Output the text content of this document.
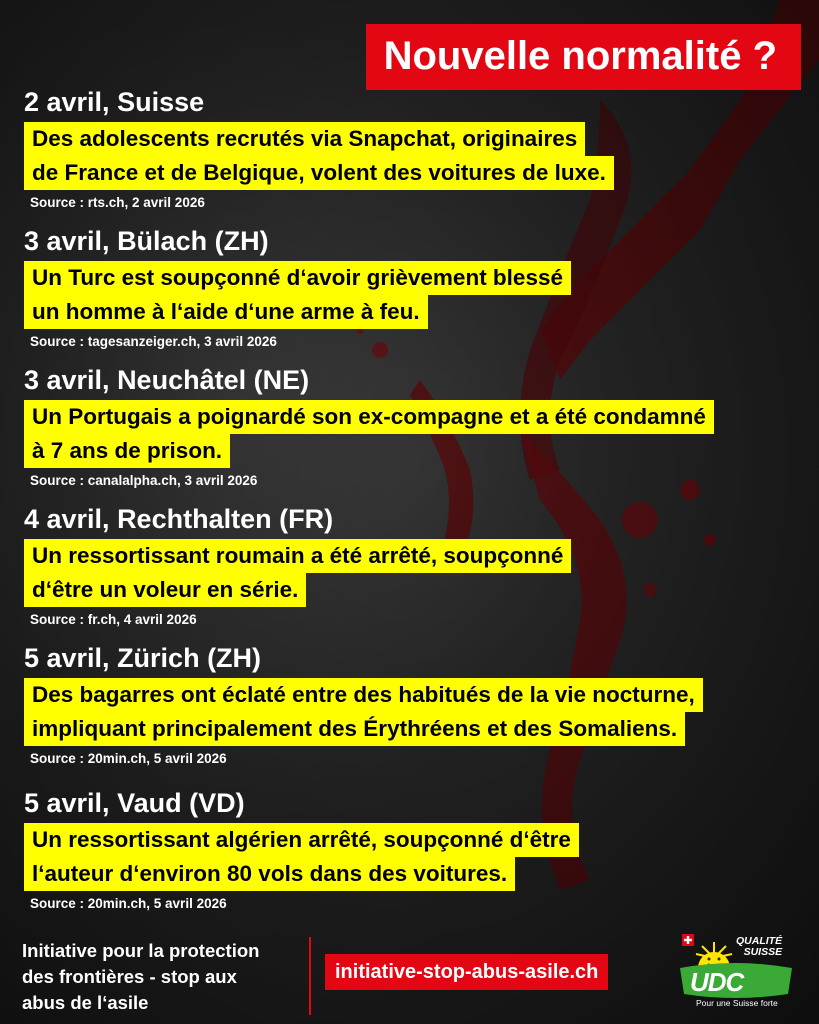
Nouvelle normalité ?
2 avril, Suisse
Des adolescents recrutés via Snapchat, originaires
de France et de Belgique, volent des voitures de luxe.
Source : rts.ch, 2 avril 2026
3 avril, Bülach (ZH)
Un Turc est soupçonné d‘avoir grièvement blessé
un homme à l‘aide d‘une arme à feu.
Source : tagesanzeiger.ch, 3 avril 2026
3 avril, Neuchâtel (NE)
Un Portugais a poignardé son ex-compagne et a été condamné
à 7 ans de prison.
Source : canalalpha.ch, 3 avril 2026
4 avril, Rechthalten (FR)
Un ressortissant roumain a été arrêté, soupçonné
d‘être un voleur en série.
Source : fr.ch, 4 avril 2026
5 avril, Zürich (ZH)
Des bagarres ont éclaté entre des habitués de la vie nocturne,
impliquant principalement des Érythréens et des Somaliens.
Source : 20min.ch, 5 avril 2026
5 avril, Vaud (VD)
Un ressortissant algérien arrêté, soupçonné d‘être
l‘auteur d‘environ 80 vols dans des voitures.
Source : 20min.ch, 5 avril 2026
Initiative pour la protection
des frontières - stop aux
abus de l‘asile
initiative-stop-abus-asile.ch
QUALITÉ
SUISSE
UDC
Pour une Suisse forte
